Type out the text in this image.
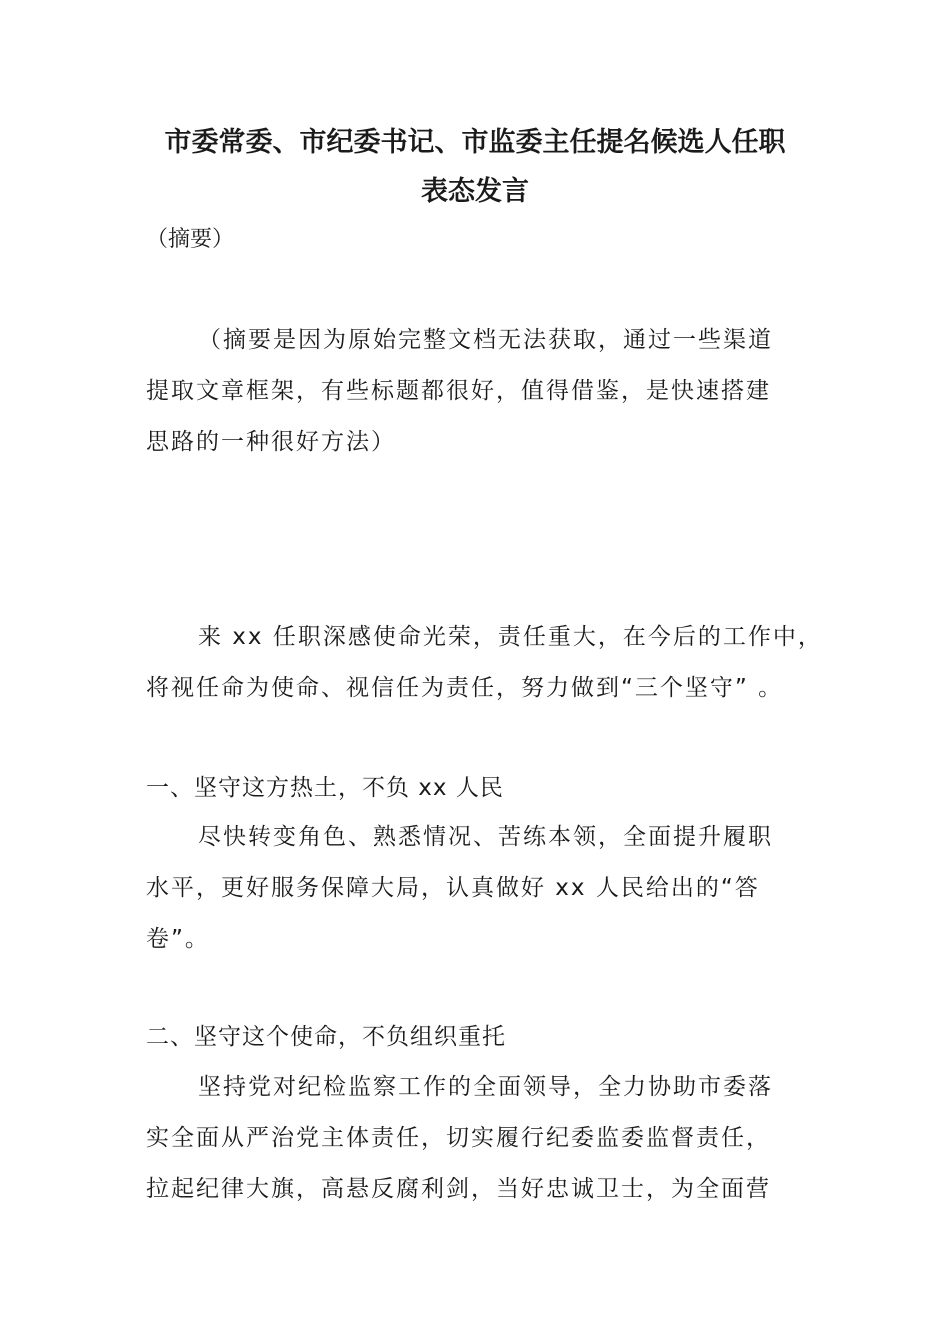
市委常委、市纪委书记、市监委主任提名候选人任职
表态发言
（摘要）

（摘要是因为原始完整文档无法获取，通过一些渠道
提取文章框架，有些标题都很好，值得借鉴，是快速搭建
思路的一种很好方法）

来 xx 任职深感使命光荣，责任重大，在今后的工作中，
将视任命为使命、视信任为责任，努力做到“三个坚守” 。

一、坚守这方热土，不负 xx 人民

尽快转变角色、熟悉情况、苦练本领，全面提升履职
水平，更好服务保障大局，认真做好 xx 人民给出的“答
卷”。

二、坚守这个使命，不负组织重托

坚持党对纪检监察工作的全面领导，全力协助市委落
实全面从严治党主体责任，切实履行纪委监委监督责任，
拉起纪律大旗，高悬反腐利剑，当好忠诚卫士，为全面营
